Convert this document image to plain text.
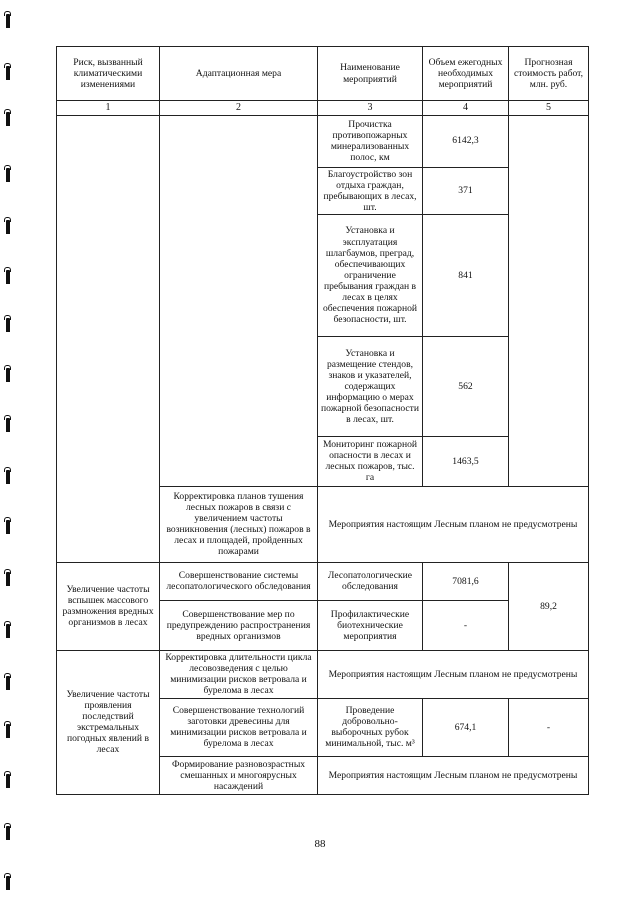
Риск, вызванный климатическими изменениями	Адаптационная мера	Наименование мероприятий	Объем ежегодных необходимых мероприятий	Прогнозная стоимость работ, млн. руб.
1	2	3	4	5
		Прочистка противопожарных минерализованных полос, км	6142,3	
		Благоустройство зон отдыха граждан, пребывающих в лесах, шт.	371	
		Установка и эксплуатация шлагбаумов, преград, обеспечивающих ограничение пребывания граждан в лесах в целях обеспечения пожарной безопасности, шт.	841	
		Установка и размещение стендов, знаков и указателей, содержащих информацию о мерах пожарной безопасности в лесах, шт.	562	
		Мониторинг пожарной опасности в лесах и лесных пожаров, тыс. га	1463,5	
	Корректировка планов тушения лесных пожаров в связи с увеличением частоты возникновения (лесных) пожаров в лесах и площадей, пройденных пожарами	Мероприятия настоящим Лесным планом не предусмотрены		
Увеличение частоты вспышек массового размножения вредных организмов в лесах	Совершенствование системы лесопатологического обследования	Лесопатологические обследования	7081,6	89,2
	Совершенствование мер по предупреждению распространения вредных организмов	Профилактические биотехнические мероприятия	-	
Увеличение частоты проявления последствий экстремальных погодных явлений в лесах	Корректировка длительности цикла лесовозведения с целью минимизации рисков ветровала и бурелома в лесах	Мероприятия настоящим Лесным планом не предусмотрены		
	Совершенствование технологий заготовки древесины для минимизации рисков ветровала и бурелома в лесах	Проведение добровольно-выборочных рубок минимальной, тыс. м³	674,1	-
	Формирование разновозрастных смешанных и многоярусных насаждений	Мероприятия настоящим Лесным планом не предусмотрены		
88
